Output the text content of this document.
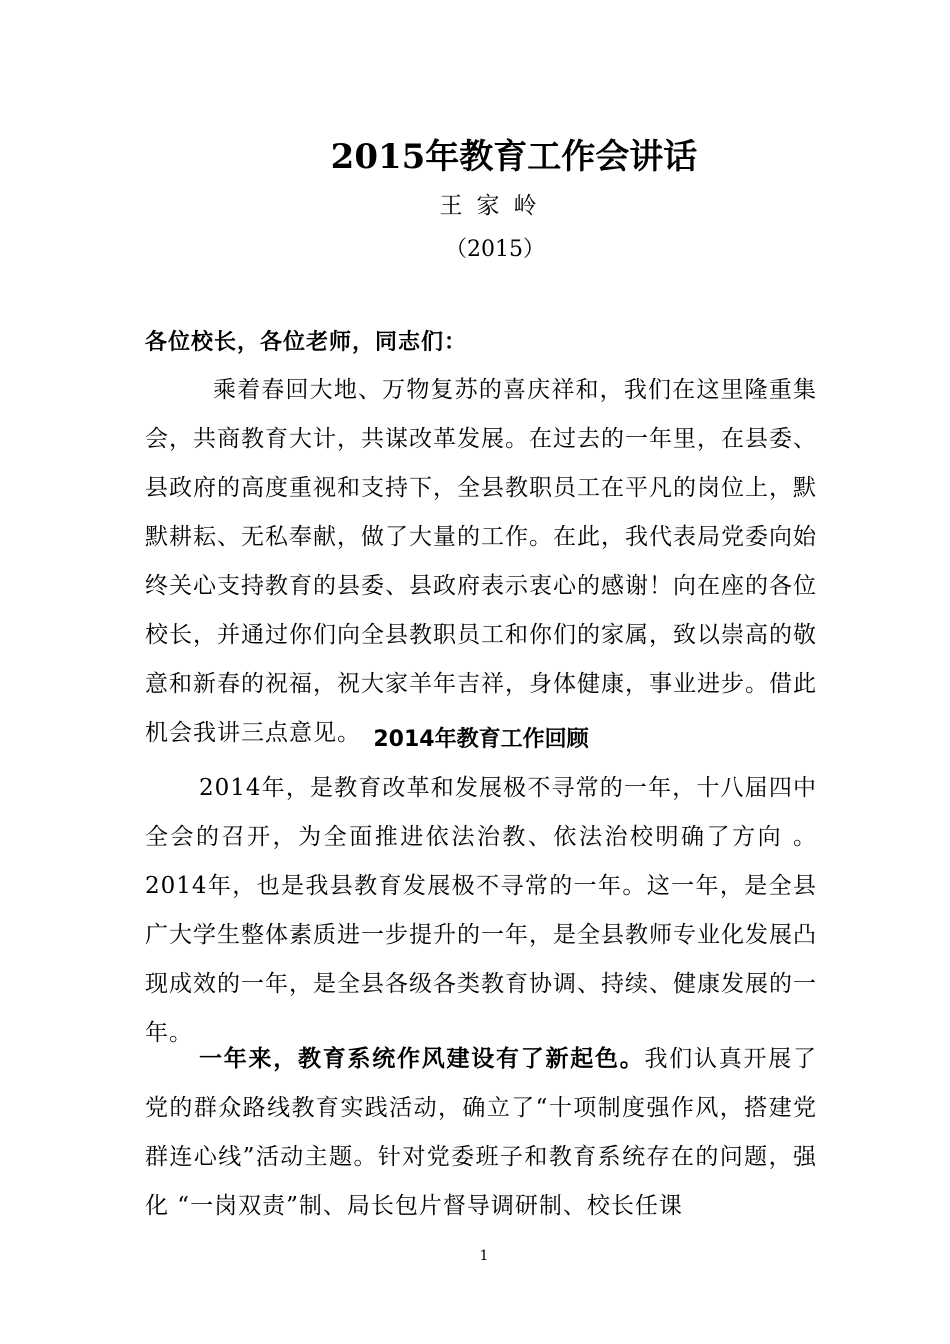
2015年教育工作会讲话
王家岭
（2015）
各位校长，各位老师，同志们：
乘着春回大地、万物复苏的喜庆祥和，我们在这里隆重集会，共商教育大计，共谋改革发展。在过去的一年里，在县委、县政府的高度重视和支持下，全县教职员工在平凡的岗位上，默默耕耘、无私奉献，做了大量的工作。在此，我代表局党委向始终关心支持教育的县委、县政府表示衷心的感谢！向在座的各位校长，并通过你们向全县教职员工和你们的家属，致以崇高的敬意和新春的祝福，祝大家羊年吉祥，身体健康，事业进步。借此机会我讲三点意见。 2014年教育工作回顾
2014年，是教育改革和发展极不寻常的一年，十八届四中全会的召开，为全面推进依法治教、依法治校明确了方向 。2014年，也是我县教育发展极不寻常的一年。这一年，是全县广大学生整体素质进一步提升的一年，是全县教师专业化发展凸现成效的一年，是全县各级各类教育协调、持续、健康发展的一年。
一年来，教育系统作风建设有了新起色。我们认真开展了党的群众路线教育实践活动，确立了“十项制度强作风，搭建党群连心线”活动主题。针对党委班子和教育系统存在的问题，强化 “一岗双责”制、局长包片督导调研制、校长任课
1
